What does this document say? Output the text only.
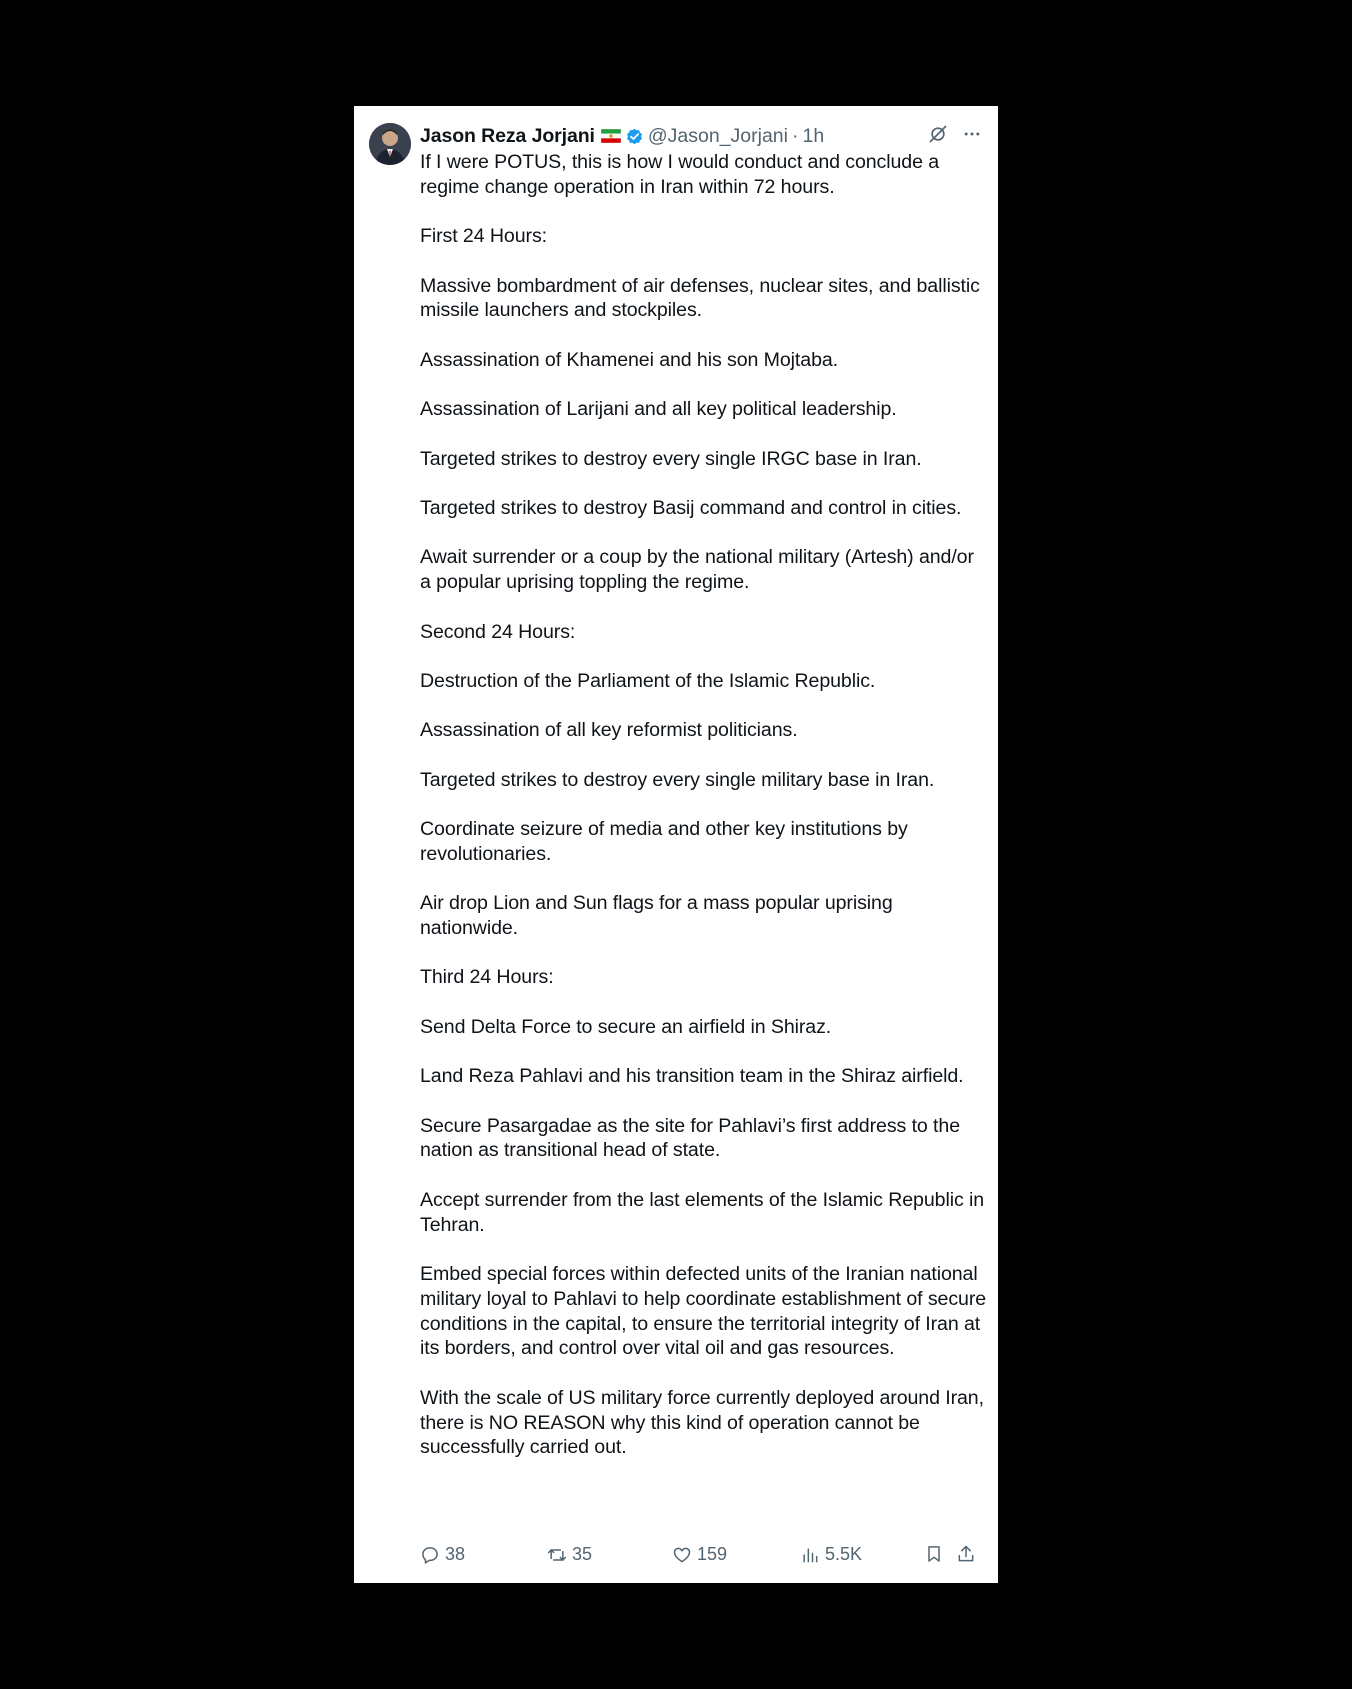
Jason Reza Jorjani	@Jason_Jorjani · 1h

If I were POTUS, this is how I would conduct and conclude a regime change operation in Iran within 72 hours.

First 24 Hours:

Massive bombardment of air defenses, nuclear sites, and ballistic missile launchers and stockpiles.

Assassination of Khamenei and his son Mojtaba.

Assassination of Larijani and all key political leadership.

Targeted strikes to destroy every single IRGC base in Iran.

Targeted strikes to destroy Basij command and control in cities.

Await surrender or a coup by the national military (Artesh) and/or a popular uprising toppling the regime.

Second 24 Hours:

Destruction of the Parliament of the Islamic Republic.

Assassination of all key reformist politicians.

Targeted strikes to destroy every single military base in Iran.

Coordinate seizure of media and other key institutions by revolutionaries.

Air drop Lion and Sun flags for a mass popular uprising nationwide.

Third 24 Hours:

Send Delta Force to secure an airfield in Shiraz.

Land Reza Pahlavi and his transition team in the Shiraz airfield.

Secure Pasargadae as the site for Pahlavi’s first address to the nation as transitional head of state.

Accept surrender from the last elements of the Islamic Republic in Tehran.

Embed special forces within defected units of the Iranian national military loyal to Pahlavi to help coordinate establishment of secure conditions in the capital, to ensure the territorial integrity of Iran at its borders, and control over vital oil and gas resources.

With the scale of US military force currently deployed around Iran, there is NO REASON why this kind of operation cannot be successfully carried out.

38	35	159	5.5K
